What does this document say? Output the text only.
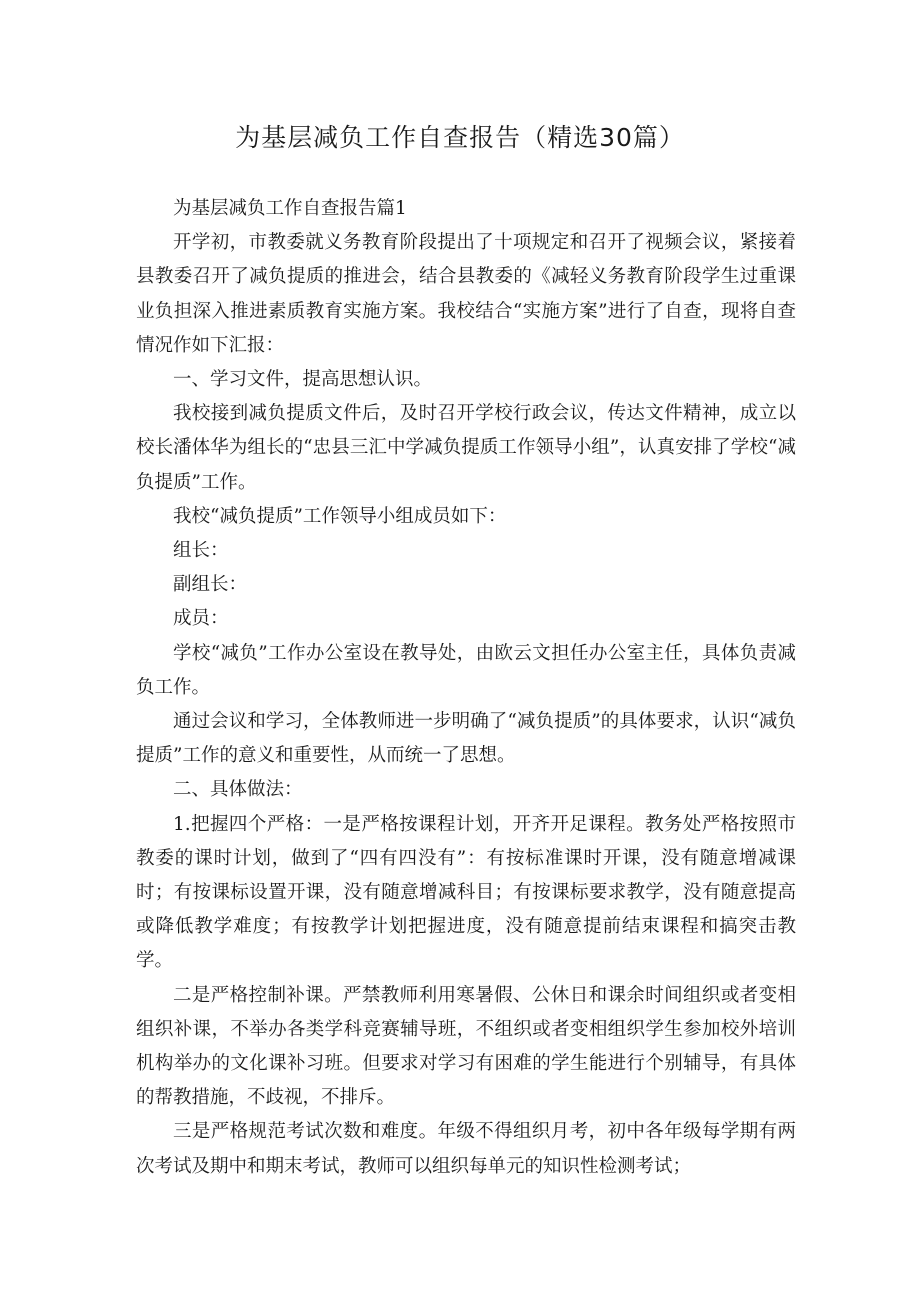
为基层减负工作自查报告（精选30篇）

为基层减负工作自查报告篇1

开学初，市教委就义务教育阶段提出了十项规定和召开了视频会议，紧接着县教委召开了减负提质的推进会，结合县教委的《减轻义务教育阶段学生过重课业负担深入推进素质教育实施方案。我校结合“实施方案”进行了自查，现将自查情况作如下汇报：

一、学习文件，提高思想认识。

我校接到减负提质文件后，及时召开学校行政会议，传达文件精神，成立以校长潘体华为组长的“忠县三汇中学减负提质工作领导小组”，认真安排了学校“减负提质”工作。

我校“减负提质”工作领导小组成员如下：

组长：

副组长：

成员：

学校“减负”工作办公室设在教导处，由欧云文担任办公室主任，具体负责减负工作。

通过会议和学习，全体教师进一步明确了“减负提质”的具体要求，认识“减负提质”工作的意义和重要性，从而统一了思想。

二、具体做法：

1.把握四个严格：一是严格按课程计划，开齐开足课程。教务处严格按照市教委的课时计划，做到了“四有四没有”：有按标准课时开课，没有随意增减课时；有按课标设置开课，没有随意增减科目；有按课标要求教学，没有随意提高或降低教学难度；有按教学计划把握进度，没有随意提前结束课程和搞突击教学。

二是严格控制补课。严禁教师利用寒暑假、公休日和课余时间组织或者变相组织补课，不举办各类学科竞赛辅导班，不组织或者变相组织学生参加校外培训机构举办的文化课补习班。但要求对学习有困难的学生能进行个别辅导，有具体的帮教措施，不歧视，不排斥。

三是严格规范考试次数和难度。年级不得组织月考，初中各年级每学期有两次考试及期中和期末考试，教师可以组织每单元的知识性检测考试；
